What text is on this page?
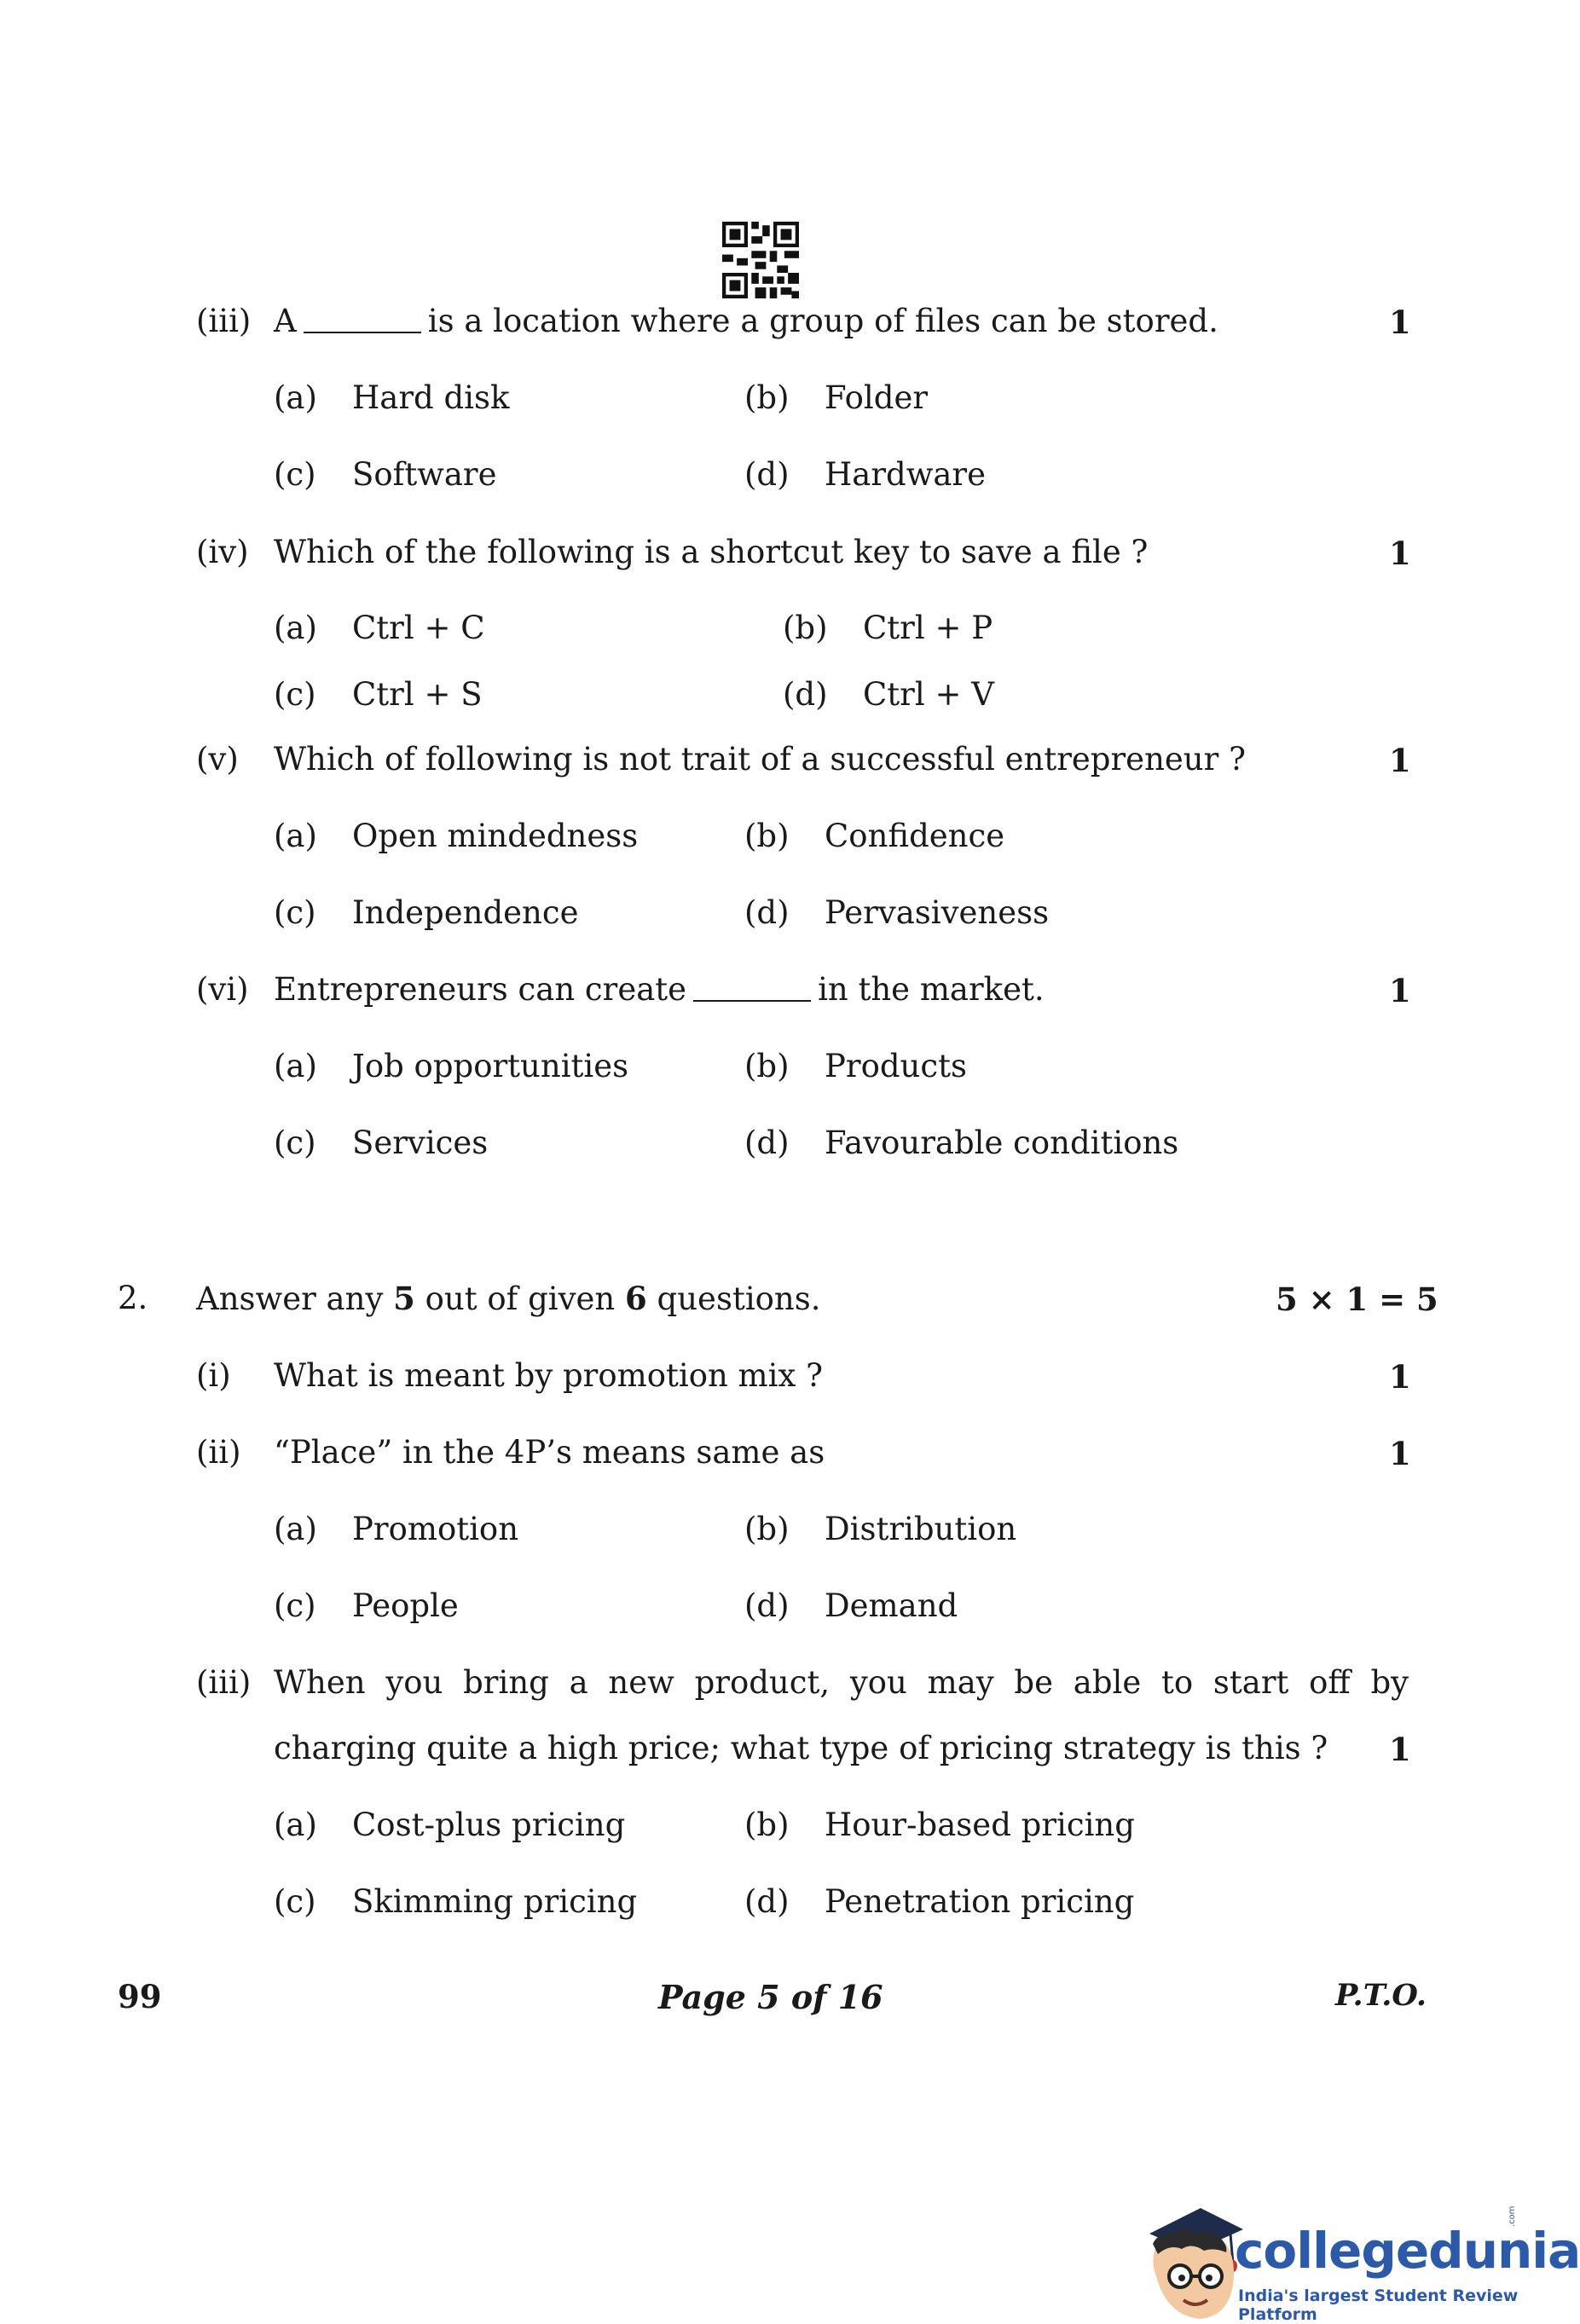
(iii) A	is a location where a group of files can be stored.	1
(a) Hard disk	(b) Folder
(c) Software	(d) Hardware
(iv) Which of the following is a shortcut key to save a file ?	1
(a) Ctrl + C	(b) Ctrl + P
(c) Ctrl + S	(d) Ctrl + V
(v) Which of following is not trait of a successful entrepreneur ?	1
(a) Open mindedness	(b) Confidence
(c) Independence	(d) Pervasiveness
(vi) Entrepreneurs can create	in the market.	1
(a) Job opportunities	(b) Products
(c) Services	(d) Favourable conditions
2. Answer any 5 out of given 6 questions.	5 × 1 = 5
(i) What is meant by promotion mix ?	1
(ii) “Place” in the 4P’s means same as	1
(a) Promotion	(b) Distribution
(c) People	(d) Demand
(iii) When you bring a new product, you may be able to start off by
charging quite a high price; what type of pricing strategy is this ? 1
(a) Cost-plus pricing	(b) Hour-based pricing
(c) Skimming pricing	(d) Penetration pricing
99	Page 5 of 16	P.T.O.
collegedunia
India's largest Student Review Platform
.com
